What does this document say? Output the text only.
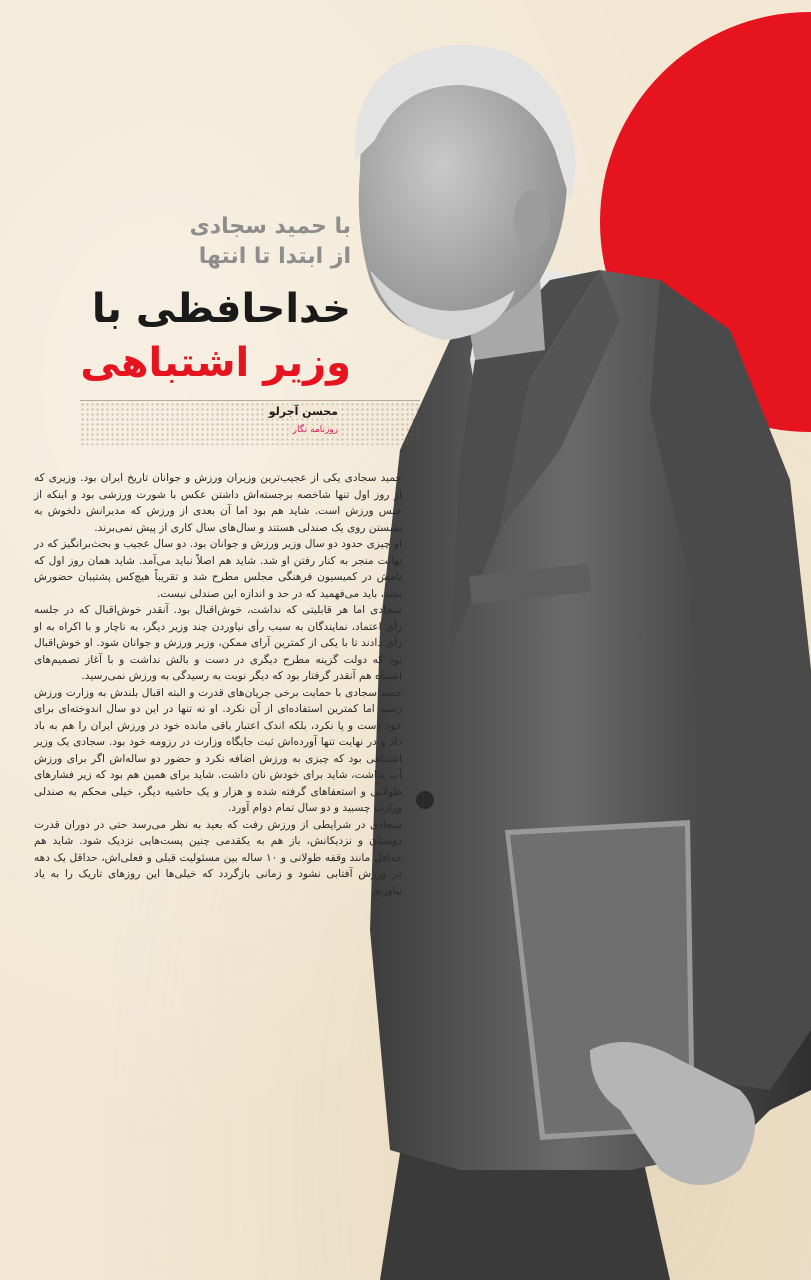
با حمید سجادی

از ابتدا تا انتها

خداحافظی با
وزیر اشتباهی
محسن آجرلو
روزنامه نگار

حمید سجادی یکی از عجیب‌ترین وزیران ورزش و جوانان تاریخ ایران بود. وزیری که از روز اول تنها شاخصه برجسته‌اش داشتن عکس با شورت ورزشی بود و اینکه از جنس ورزش است. شاید هم بود اما آن بعدی از ورزش که مدیرانش دلخوش به نشستن روی یک صندلی هستند و سال‌های سال کاری از پیش نمی‌برند.

او چیزی حدود دو سال وزیر ورزش و جوانان بود. دو سال عجیب و بحث‌برانگیز که در نهایت منجر به کنار رفتن او شد. شاید هم اصلاً نباید می‌آمد. شاید همان روز اول که نامش در کمیسیون فرهنگی مجلس مطرح شد و تقریباً هیچ‌کس پشتیبان حضورش نشد، باید می‌فهمید که در حد و اندازه این صندلی نیست.

سجادی اما هر قابلیتی که نداشت، خوش‌اقبال بود. آنقدر خوش‌اقبال که در جلسه رأی اعتماد، نمایندگان به سبب رأی نیاوردن چند وزیر دیگر، به ناچار و با اکراه به او رأی دادند تا با یکی از کمترین آرای ممکن، وزیر ورزش و جوانان شود. او خوش‌اقبال بود که دولت گزینه مطرح دیگری در دست و بالش نداشت و با آغاز تصمیم‌های اشتباه هم آنقدر گرفتار بود که دیگر نوبت به رسیدگی به ورزش نمی‌رسید.

حمید سجادی با حمایت برخی جریان‌های قدرت و البته اقبال بلندش به وزارت ورزش رسید اما کمترین استفاده‌ای از آن نکرد. او نه تنها در این دو سال اندوخته‌ای برای خود دست و پا نکرد، بلکه اندک اعتبار باقی مانده خود در ورزش ایران را هم به باد داد و در نهایت تنها آورده‌اش ثبت جایگاه وزارت در رزومه خود بود. سجادی یک وزیر اشتباهی بود که چیزی به ورزش اضافه نکرد و حضور دو ساله‌اش اگر برای ورزش آب نداشت، شاید برای خودش نان داشت. شاید برای همین هم بود که زیر فشارهای طولانی و استعفاهای گرفته شده و هزار و یک حاشیه دیگر، خیلی محکم به صندلی وزارت چسبید و دو سال تمام دوام آورد.

سجادی در شرایطی از ورزش رفت که بعید به نظر می‌رسد حتی در دوران قدرت دوستان و نزدیکانش، باز هم به یکقدمی چنین پست‌هایی نزدیک شود. شاید هم حداقل مانند وقفه طولانی و ۱۰ ساله بین مسئولیت قبلی و فعلی‌اش، حداقل یک دهه در ورزش آفتابی نشود و زمانی بازگردد که خیلی‌ها این روزهای تاریک را به یاد نیاورند.
